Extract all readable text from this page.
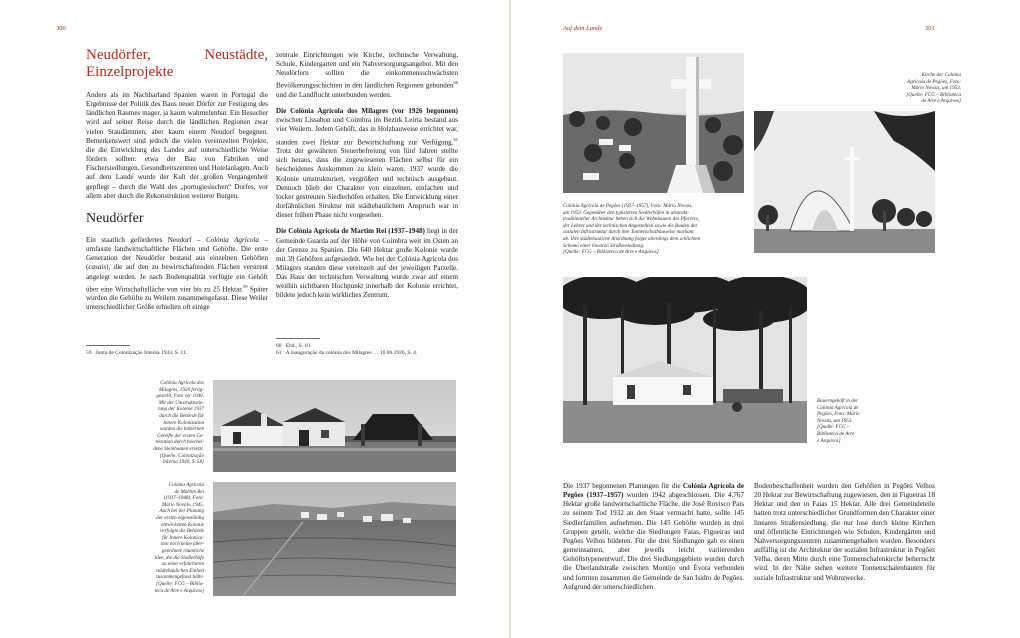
300
Neudörfer, Neustädte, Einzelprojekte

Anders als im Nachbarland Spanien waren in Portugal die Ergebnisse der Politik des Baus neuer Dörfer zur Festigung des ländlichen Raumes mager, ja kaum wahrnehmbar. Ein Besucher wird auf seiner Reise durch die ländlichen Regionen zwar vielen Staudämmen, aber kaum einem Neudorf begegnen. Bemerkenswert sind jedoch die vielen vereinzelten Projekte, die die Entwicklung des Landes auf unterschiedliche Weise fördern sollten: etwa der Bau von Fabriken und Fischersiedlungen, Gesundheitszentren und Hotelanlagen. Auch auf dem Lande wurde der Kult der großen Vergangenheit gepflegt – durch die Wahl des „portugiesischen“ Dorfes, vor allem aber durch die Rekonstruktion weiterer Burgen.

Neudörfer

Ein staatlich gefördertes Neudorf – Colónia Agrícola – umfasste landwirtschaftliche Flächen und Gehöfte. Die erste Generation der Neudörfer bestand aus einzelnen Gehöften (casais), die auf den zu bewirtschaftenden Flächen verstreut angelegt wurden. Je nach Bodenqualität verfügte ein Gehöft über eine Wirtschaftsfläche von vier bis zu 25 Hektar.$^{59}$ Später wurden die Gehöfte zu Weilern zusammengefasst. Diese Weiler unterschiedlicher Größe erhielten oft einige

zentrale Einrichtungen wie Kirche, technische Verwaltung, Schule, Kindergarten und ein Nahversorgungsangebot. Mit den Neudörfern sollten die einkommensschwächsten Bevölkerungsschichten in den ländlichen Regionen gebunden$^{60}$ und die Landflucht unterbunden werden.

Die Colónia Agrícola dos Milagres (vor 1926 begonnen) zwischen Lissabon und Coimbra im Bezirk Leiria bestand aus vier Weilern. Jedem Gehöft, das in Holzbauweise errichtet war, standen zwei Hektar zur Bewirtschaftung zur Verfügung.$^{61}$ Trotz der gewährten Steuerbefreiung von fünf Jahren stellte sich heraus, dass die zugewiesenen Flächen selbst für ein bescheidenes Auskommen zu klein waren. 1937 wurde die Kolonie umstrukturiert, vergrößert und technisch ausgebaut. Dennoch blieb der Charakter von einzelnen, einfachen und locker gestreuten Siedlerhöfen erhalten. Die Entwicklung einer dorfähnlichen Struktur mit städtebaulichem Anspruch war in dieser frühen Phase nicht vorgesehen.

Die Colónia Agrícola de Martim Rei (1937–1948) liegt in der Gemeinde Guarda auf der Höhe von Coimbra weit im Osten an der Grenze zu Spanien. Die 640 Hektar große Kolonie wurde mit 39 Gehöften aufgesiedelt. Wie bei der Colónia Agrícola dos Milagres standen diese vereinzelt auf der jeweiligen Parzelle. Das Haus der technischen Verwaltung wurde zwar auf einem weithin sichtbaren Hochpunkt innerhalb der Kolonie errichtet, bildete jedoch kein wirkliches Zentrum.

59 Junta de Colonização Interna 1943, S. 11.
60 Ebd., S. 10.
61 A inauguração da colónia dos Milagres … 16.06.1926, S. 4.
Colónia Agrícola dos
Milagres, 1926 fertig-
gestellt, Foto vor 1940.
Mit der Umstrukturie-
rung der Kolonie 1937
durch die Behörde für
Innere Kolonisation
wurden die hölzernen
Gehöfte der ersten Ge-
neration durch beschei-
dene Steinbauten ersetzt.
[Quelle: Colonização
Interna 1940, S. 58]
Colónia Agrícola
de Martim Rei
(1937–1948), Foto:
Mário Novais, 1945.
Auch bei der Planung
der ersten eigenständig
entwickelten Kolonie
verfolgte die Behörde
für Innere Koloniса-
tion noch keine über-
geordnete räumliche
Idee, die die Siedlerhöfe
zu einer erfahrbaren
städtebaulichen Einheit
zusammengefasst hätte.
[Quelle: FCG – Biblio-
teca de Arte e Arquivos]
Auf dem Lande	301
Kirche der Colónia
Agrícola de Pegões, Foto:
Mário Novais, um 1953.
[Quelle: FCG – Biblioteca
de Arte e Arquivos]
Colónia Agrícola de Pegões (1937–1957), Foto: Mário Novais,
um 1953. Gegenüber den typisierten Siedlerhöfen in abstrakt-
traditioneller Architektur heben sich die Wohnbauten des Pfarrers,
der Lehrer und der technischen Angestellten sowie die Bauten der
sozialen Infrastruktur durch ihre Tonnenschalbauweise markant
ab. Ihre städtebauliche Anordnung folgte allerdings dem schlichten
Schema einer linearen Straßensiedlung.
[Quelle: FCG – Biblioteca de Arte e Arquivos]
Bauerngehöft in der
Colónia Agrícola de
Pegões, Foto: Mário
Novais, um 1953.
[Quelle: FCG –
Biblioteca de Arte
e Arquivos]

Die 1937 begonnenen Planungen für die Colónia Agrícola de Pegões (1937–1957) wurden 1942 abgeschlossen. Die 4.767 Hektar große landwirtschaftliche Fläche, die José Rovisco Pais zu seinem Tod 1932 an den Staat vermacht hatte, sollte 145 Siedlerfamilien aufnehmen. Die 145 Gehöfte wurden in drei Gruppen geteilt, welche die Siedlungen Faias, Figueiras und Pegões Velhos bildeten. Für die drei Siedlungen gab es einen gemeinsamen, aber jeweils leicht variierenden Gehöftstypenentwurf. Die drei Siedlungsgebiete wurden durch die Überlandstraße zwischen Montijo und Évora verbunden und formten zusammen die Gemeinde de San Isidro de Pegões. Aufgrund der unterschiedlichen

Bodenbeschaffenheit wurden den Gehöften in Pegões Velhos 20 Hektar zur Bewirtschaftung zugewiesen, den in Figueiras 18 Hektar und den in Faias 15 Hektar. Alle drei Gemeindeteile hatten trotz unterschiedlicher Grundformen den Charakter einer linearen Straßensiedlung, die nur lose durch kleine Kirchen und öffentliche Einrichtungen wie Schulen, Kindergärten und Nahversorgungszentren zusammengehalten wurden. Besonders auffällig ist die Architektur der sozialen Infrastruktur in Pegões Velha, deren Mitte durch eine Tonnenschalenkirche beherrscht wird. In der Nähe stehen weitere Tonnenschalenbauten für soziale Infrastruktur und Wohnzwecke.
